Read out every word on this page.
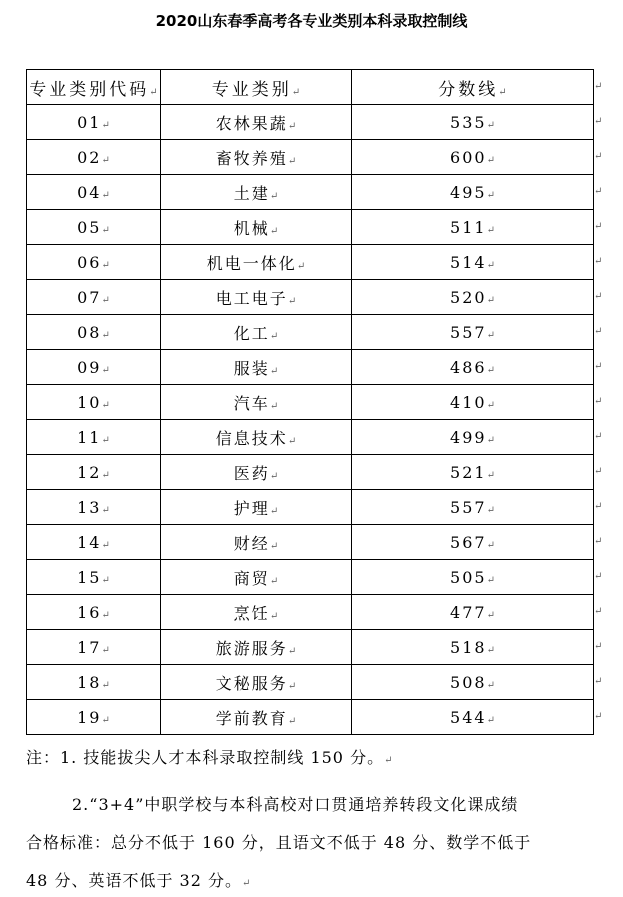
2020山东春季高考各专业类别本科录取控制线
专业类别代码↵	专业类别↵	分数线↵
01↵	农林果蔬↵	535↵
02↵	畜牧养殖↵	600↵
04↵	土建↵	495↵
05↵	机械↵	511↵
06↵	机电一体化↵	514↵
07↵	电工电子↵	520↵
08↵	化工↵	557↵
09↵	服装↵	486↵
10↵	汽车↵	410↵
11↵	信息技术↵	499↵
12↵	医药↵	521↵
13↵	护理↵	557↵
14↵	财经↵	567↵
15↵	商贸↵	505↵
16↵	烹饪↵	477↵
17↵	旅游服务↵	518↵
18↵	文秘服务↵	508↵
19↵	学前教育↵	544↵
↵
↵
↵
↵
↵
↵
↵
↵
↵
↵
↵
↵
↵
↵
↵
↵
↵
↵
↵
注：1. 技能拔尖人才本科录取控制线 150 分。↵
2.“3+4”中职学校与本科高校对口贯通培养转段文化课成绩
合格标准：总分不低于 160 分，且语文不低于 48 分、数学不低于
48 分、英语不低于 32 分。↵
